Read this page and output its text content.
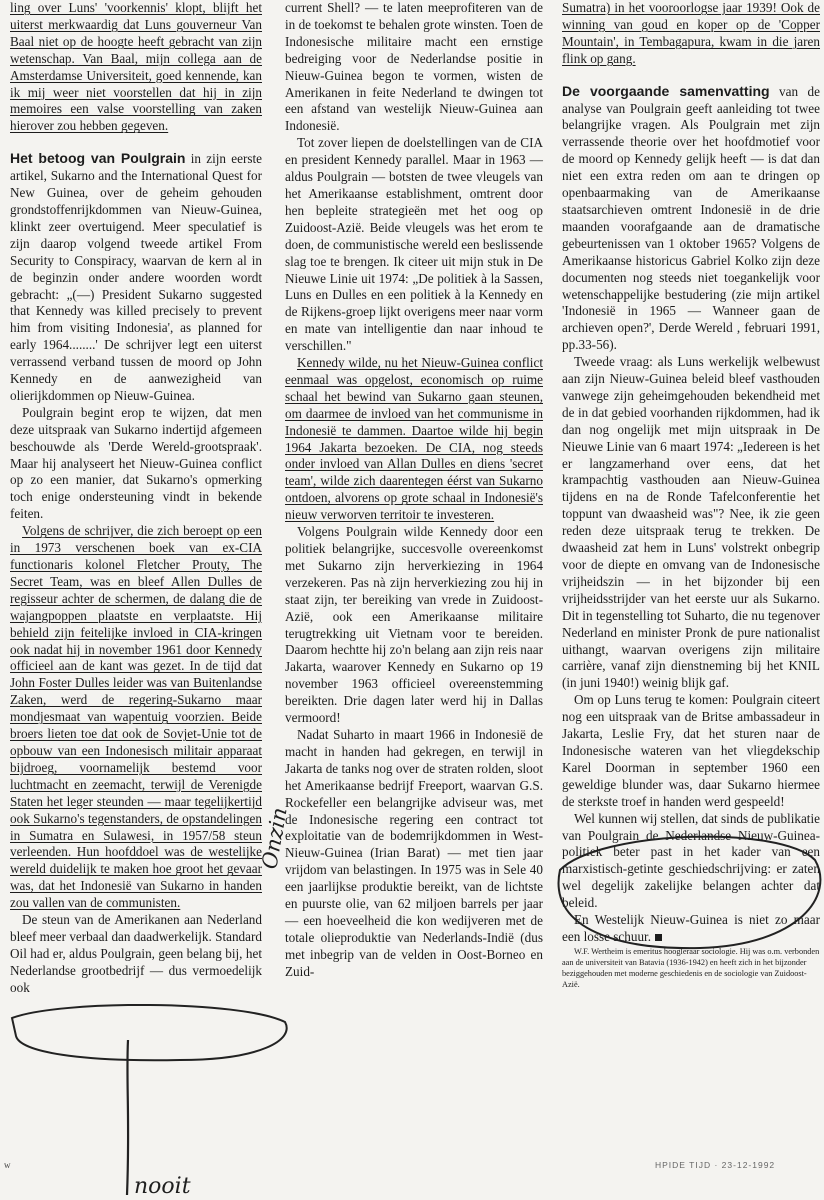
ling over Luns' 'voorkennis' klopt, blijft het uiterst merkwaardig dat Luns gouverneur Van Baal niet op de hoogte heeft gebracht van zijn wetenschap. Van Baal, mijn collega aan de Amsterdamse Universiteit, goed kennende, kan ik mij weer niet voorstellen dat hij in zijn memoires een valse voorstelling van zaken hierover zou hebben gegeven.

Het betoog van Poulgrain in zijn eerste artikel, Sukarno and the International Quest for New Guinea, over de geheim gehouden grondstoffenrijkdommen van Nieuw-Guinea, klinkt zeer overtuigend. Meer speculatief is zijn daarop volgend tweede artikel From Security to Conspiracy, waarvan de kern al in de beginzin onder andere woorden wordt gebracht: „(—) President Sukarno suggested that Kennedy was killed precisely to prevent him from visiting Indonesia', as planned for early 1964........' De schrijver legt een uiterst verrassend verband tussen de moord op John Kennedy en de aanwezigheid van olierijkdommen op Nieuw-Guinea.

Poulgrain begint erop te wijzen, dat men deze uitspraak van Sukarno indertijd afgemeen beschouwde als 'Derde Wereld-grootspraak'. Maar hij analyseert het Nieuw-Guinea conflict op zo een manier, dat Sukarno's opmerking toch enige ondersteuning vindt in bekende feiten.

Volgens de schrijver, die zich beroept op een in 1973 verschenen boek van ex-CIA functionaris kolonel Fletcher Prouty, The Secret Team, was en bleef Allen Dulles de regisseur achter de schermen, de dalang die de wajangpoppen plaatste en verplaatste. Hij behield zijn feitelijke invloed in CIA-kringen ook nadat hij in november 1961 door Kennedy officieel aan de kant was gezet. In de tijd dat John Foster Dulles leider was van Buitenlandse Zaken, werd de regering-Sukarno maar mondjesmaat van wapentuig voorzien. Beide broers lieten toe dat ook de Sovjet-Unie tot de opbouw van een Indonesisch militair apparaat bijdroeg, voornamelijk bestemd voor luchtmacht en zeemacht, terwijl de Verenigde Staten het leger steunden — maar tegelijkertijd ook Sukarno's tegenstanders, de opstandelingen in Sumatra en Sulawesi, in 1957/58 steun verleenden. Hun hoofddoel was de westelijke wereld duidelijk te maken hoe groot het gevaar was, dat het Indonesië van Sukarno in handen zou vallen van de communisten.

De steun van de Amerikanen aan Nederland bleef meer verbaal dan daadwerkelijk. Standard Oil had er, aldus Poulgrain, geen belang bij, het Nederlandse grootbedrijf — dus vermoedelijk ook

current Shell? — te laten meeprofiteren van de in de toekomst te behalen grote winsten. Toen de Indonesische militaire macht een ernstige bedreiging voor de Nederlandse positie in Nieuw-Guinea begon te vormen, wisten de Amerikanen in feite Nederland te dwingen tot een afstand van westelijk Nieuw-Guinea aan Indonesië.

Tot zover liepen de doelstellingen van de CIA en president Kennedy parallel. Maar in 1963 — aldus Poulgrain — botsten de twee vleugels van het Amerikaanse establishment, omtrent door hen bepleite strategieën met het oog op Zuidoost-Azië. Beide vleugels was het erom te doen, de communistische wereld een beslissende slag toe te brengen. Ik citeer uit mijn stuk in De Nieuwe Linie uit 1974: „De politiek à la Sassen, Luns en Dulles en een politiek à la Kennedy en de Rijkens-groep lijkt overigens meer naar vorm en mate van intelligentie dan naar inhoud te verschillen."

Kennedy wilde, nu het Nieuw-Guinea conflict eenmaal was opgelost, economisch op ruime schaal het bewind van Sukarno gaan steunen, om daarmee de invloed van het communisme in Indonesië te dammen. Daartoe wilde hij begin 1964 Jakarta bezoeken. De CIA, nog steeds onder invloed van Allan Dulles en diens 'secret team', wilde zich daarentegen éérst van Sukarno ontdoen, alvorens op grote schaal in Indonesië's nieuw verworven territoir te investeren.

Volgens Poulgrain wilde Kennedy door een politiek belangrijke, succesvolle overeenkomst met Sukarno zijn herverkiezing in 1964 verzekeren. Pas nà zijn herverkiezing zou hij in staat zijn, ter bereiking van vrede in Zuidoost-Azië, ook een Amerikaanse militaire terugtrekking uit Vietnam voor te bereiden. Daarom hechtte hij zo'n belang aan zijn reis naar Jakarta, waarover Kennedy en Sukarno op 19 november 1963 officieel overeenstemming bereikten. Drie dagen later werd hij in Dallas vermoord!

Nadat Suharto in maart 1966 in Indonesië de macht in handen had gekregen, en terwijl in Jakarta de tanks nog over de straten rolden, sloot het Amerikaanse bedrijf Freeport, waarvan G.S. Rockefeller een belangrijke adviseur was, met de Indonesische regering een contract tot exploitatie van de bodemrijkdommen in West-Nieuw-Guinea (Irian Barat) — met tien jaar vrijdom van belastingen. In 1975 was in Sele 40 een jaarlijkse produktie bereikt, van de lichtste en puurste olie, van 62 miljoen barrels per jaar — een hoeveelheid die kon wedijveren met de totale olieproduktie van Nederlands-Indië (dus met inbegrip van de velden in Oost-Borneo en Zuid-

Sumatra) in het vooroorlogse jaar 1939! Ook de winning van goud en koper op de 'Copper Mountain', in Tembagapura, kwam in die jaren flink op gang.

De voorgaande samenvatting van de analyse van Poulgrain geeft aanleiding tot twee belangrijke vragen. Als Poulgrain met zijn verrassende theorie over het hoofdmotief voor de moord op Kennedy gelijk heeft — is dat dan niet een extra reden om aan te dringen op openbaarmaking van de Amerikaanse staatsarchieven omtrent Indonesië in de drie maanden voorafgaande aan de dramatische gebeurtenissen van 1 oktober 1965? Volgens de Amerikaanse historicus Gabriel Kolko zijn deze documenten nog steeds niet toegankelijk voor wetenschappelijke bestudering (zie mijn artikel 'Indonesië in 1965 — Wanneer gaan de archieven open?', Derde Wereld , februari 1991, pp.33-56).

Tweede vraag: als Luns werkelijk welbewust aan zijn Nieuw-Guinea beleid bleef vasthouden vanwege zijn geheimgehouden bekendheid met de in dat gebied voorhanden rijkdommen, had ik dan nog ongelijk met mijn uitspraak in De Nieuwe Linie van 6 maart 1974: „Iedereen is het er langzamerhand over eens, dat het krampachtig vasthouden aan Nieuw-Guinea tijdens en na de Ronde Tafelconferentie het toppunt van dwaasheid was"? Nee, ik zie geen reden deze uitspraak terug te trekken. De dwaasheid zat hem in Luns' volstrekt onbegrip voor de diepte en omvang van de Indonesische vrijheidszin — in het bijzonder bij een vrijheidsstrijder van het eerste uur als Sukarno. Dit in tegenstelling tot Suharto, die nu tegenover Nederland en minister Pronk de pure nationalist uithangt, waarvan overigens zijn militaire carrière, vanaf zijn dienstneming bij het KNIL (in juni 1940!) weinig blijk gaf.

Om op Luns terug te komen: Poulgrain citeert nog een uitspraak van de Britse ambassadeur in Jakarta, Leslie Fry, dat het sturen naar de Indonesische wateren van het vliegdekschip Karel Doorman in september 1960 een geweldige blunder was, daar Sukarno hiermee de sterkste troef in handen werd gespeeld!

Wel kunnen wij stellen, dat sinds de publikatie van Poulgrain de Nederlandse Nieuw-Guinea-politiek beter past in het kader van een marxistisch-getinte geschiedschrijving: er zaten wel degelijk zakelijke belangen achter dat beleid.

En Westelijk Nieuw-Guinea is niet zo maar een losse schuur.

W.F. Wertheim is emeritus hoogleraar sociologie. Hij was o.m. verbonden aan de universiteit van Batavia (1936-1942) en heeft zich in het bijzonder beziggehouden met moderne geschiedenis en de sociologie van Zuidoost-Azië.

Onzin
nooit
w	HPIDE TIJD · 23-12-1992
